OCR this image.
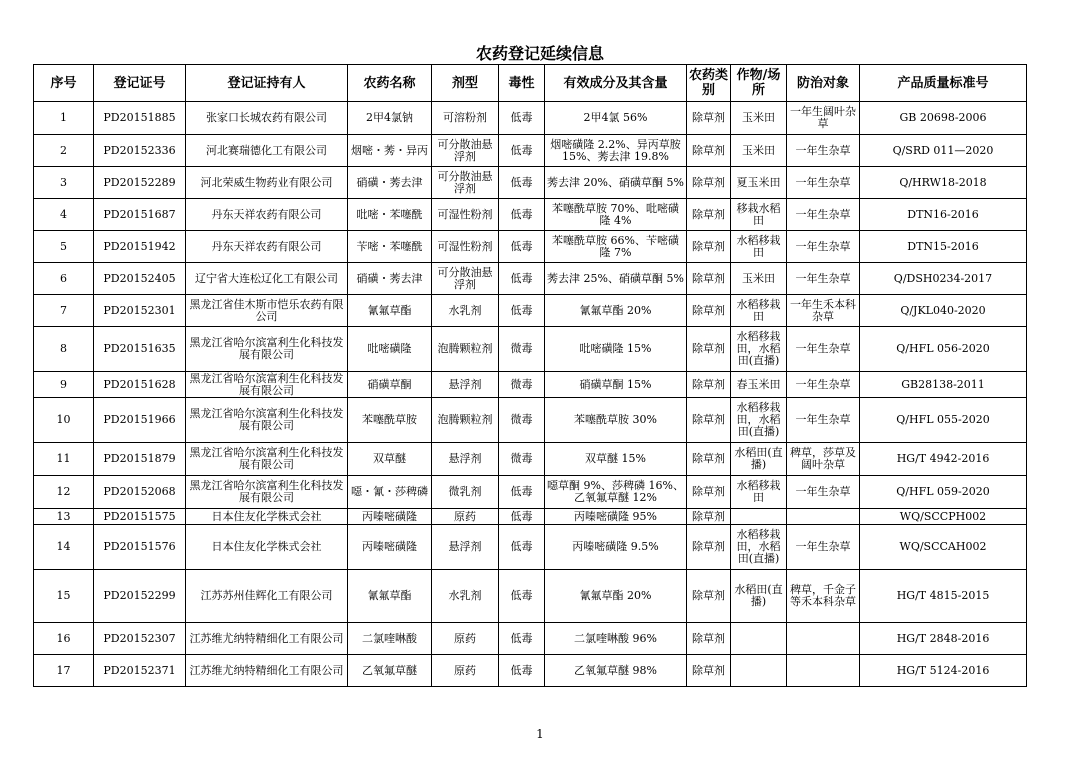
农药登记延续信息
序号	登记证号	登记证持有人	农药名称	剂型	毒性	有效成分及其含量	农药类别	作物/场所	防治对象	产品质量标准号
1	PD20151885	张家口长城农药有限公司	2甲4氯钠	可溶粉剂	低毒	2甲4氯 56%	除草剂	玉米田	一年生阔叶杂草	GB 20698-2006
2	PD20152336	河北赛瑞德化工有限公司	烟嘧・莠・异丙	可分散油悬浮剂	低毒	烟嘧磺隆 2.2%、异丙草胺 15%、莠去津 19.8%	除草剂	玉米田	一年生杂草	Q/SRD 011—2020
3	PD20152289	河北荣威生物药业有限公司	硝磺・莠去津	可分散油悬浮剂	低毒	莠去津 20%、硝磺草酮 5%	除草剂	夏玉米田	一年生杂草	Q/HRW18-2018
4	PD20151687	丹东天祥农药有限公司	吡嘧・苯噻酰	可湿性粉剂	低毒	苯噻酰草胺 70%、吡嘧磺隆 4%	除草剂	移栽水稻田	一年生杂草	DTN16-2016
5	PD20151942	丹东天祥农药有限公司	苄嘧・苯噻酰	可湿性粉剂	低毒	苯噻酰草胺 66%、苄嘧磺隆 7%	除草剂	水稻移栽田	一年生杂草	DTN15-2016
6	PD20152405	辽宁省大连松辽化工有限公司	硝磺・莠去津	可分散油悬浮剂	低毒	莠去津 25%、硝磺草酮 5%	除草剂	玉米田	一年生杂草	Q/DSH0234-2017
7	PD20152301	黑龙江省佳木斯市恺乐农药有限公司	氰氟草酯	水乳剂	低毒	氰氟草酯 20%	除草剂	水稻移栽田	一年生禾本科杂草	Q/JKL040-2020
8	PD20151635	黑龙江省哈尔滨富利生化科技发展有限公司	吡嘧磺隆	泡腾颗粒剂	微毒	吡嘧磺隆 15%	除草剂	水稻移栽田，水稻田(直播)	一年生杂草	Q/HFL 056-2020
9	PD20151628	黑龙江省哈尔滨富利生化科技发展有限公司	硝磺草酮	悬浮剂	微毒	硝磺草酮 15%	除草剂	春玉米田	一年生杂草	GB28138-2011
10	PD20151966	黑龙江省哈尔滨富利生化科技发展有限公司	苯噻酰草胺	泡腾颗粒剂	微毒	苯噻酰草胺 30%	除草剂	水稻移栽田，水稻田(直播)	一年生杂草	Q/HFL 055-2020
11	PD20151879	黑龙江省哈尔滨富利生化科技发展有限公司	双草醚	悬浮剂	微毒	双草醚 15%	除草剂	水稻田(直播)	稗草，莎草及阔叶杂草	HG/T 4942-2016
12	PD20152068	黑龙江省哈尔滨富利生化科技发展有限公司	噁・氰・莎稗磷	微乳剂	低毒	噁草酮 9%、莎稗磷 16%、乙氧氟草醚 12%	除草剂	水稻移栽田	一年生杂草	Q/HFL 059-2020
13	PD20151575	日本住友化学株式会社	丙嗪嘧磺隆	原药	低毒	丙嗪嘧磺隆 95%	除草剂			WQ/SCCPH002
14	PD20151576	日本住友化学株式会社	丙嗪嘧磺隆	悬浮剂	低毒	丙嗪嘧磺隆 9.5%	除草剂	水稻移栽田，水稻田(直播)	一年生杂草	WQ/SCCAH002
15	PD20152299	江苏苏州佳辉化工有限公司	氰氟草酯	水乳剂	低毒	氰氟草酯 20%	除草剂	水稻田(直播)	稗草，千金子等禾本科杂草	HG/T 4815-2015
16	PD20152307	江苏维尤纳特精细化工有限公司	二氯喹啉酸	原药	低毒	二氯喹啉酸 96%	除草剂			HG/T 2848-2016
17	PD20152371	江苏维尤纳特精细化工有限公司	乙氧氟草醚	原药	低毒	乙氧氟草醚 98%	除草剂			HG/T 5124-2016
1
